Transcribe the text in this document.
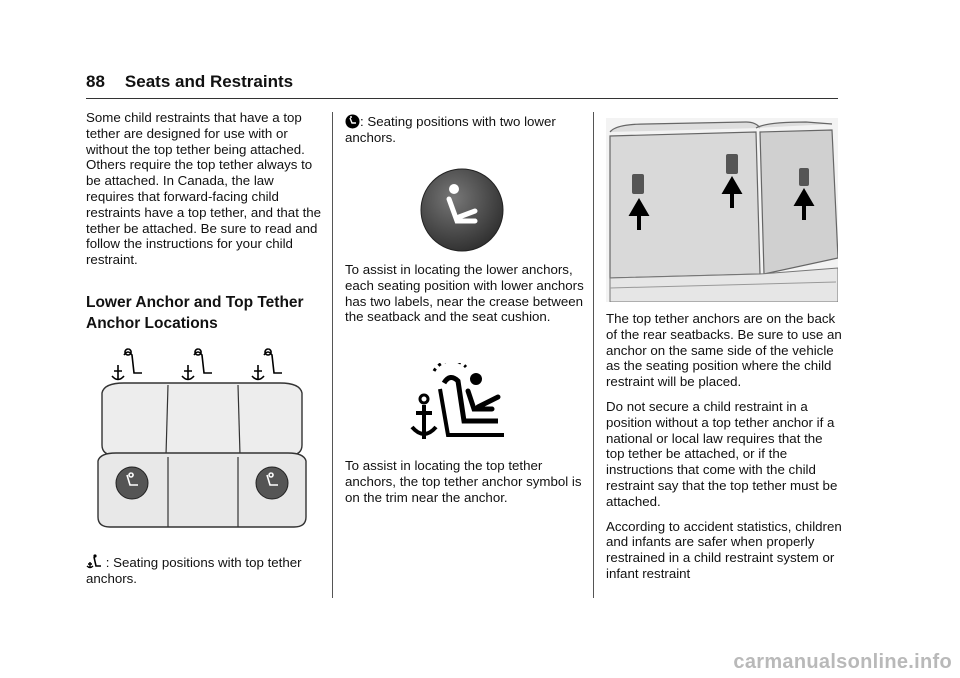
88 Seats and Restraints

Some child restraints that have a top tether are designed for use with or without the top tether being attached. Others require the top tether always to be attached. In Canada, the law requires that forward-facing child restraints have a top tether, and that the tether be attached. Be sure to read and follow the instructions for your child restraint.

Lower Anchor and Top Tether Anchor Locations
: Seating positions with top tether anchors.

: Seating positions with two lower anchors.

To assist in locating the lower anchors, each seating position with lower anchors has two labels, near the crease between the seatback and the seat cushion.

To assist in locating the top tether anchors, the top tether anchor symbol is on the trim near the anchor.

The top tether anchors are on the back of the rear seatbacks. Be sure to use an anchor on the same side of the vehicle as the seating position where the child restraint will be placed.

Do not secure a child restraint in a position without a top tether anchor if a national or local law requires that the top tether be attached, or if the instructions that come with the child restraint say that the top tether must be attached.

According to accident statistics, children and infants are safer when properly restrained in a child restraint system or infant restraint

carmanualsonline.info
